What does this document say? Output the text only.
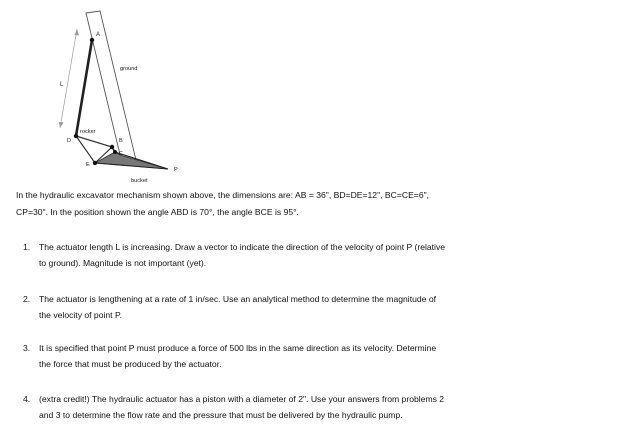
A
ground
L
rocker
B
D
C
E
bucket
P
In the hydraulic excavator mechanism shown above, the dimensions are: AB = 36", BD=DE=12", BC=CE=6",
CP=30". In the position shown the angle ABD is 70°, the angle BCE is 95°.
1.	The actuator length L is increasing. Draw a vector to indicate the direction of the velocity of point P (relative
to ground). Magnitude is not important (yet).
2.	The actuator is lengthening at a rate of 1 in/sec. Use an analytical method to determine the magnitude of
the velocity of point P.
3.	It is specified that point P must produce a force of 500 lbs in the same direction as its velocity. Determine
the force that must be produced by the actuator.
4.	(extra credit!) The hydraulic actuator has a piston with a diameter of 2". Use your answers from problems 2
and 3 to determine the flow rate and the pressure that must be delivered by the hydraulic pump.
